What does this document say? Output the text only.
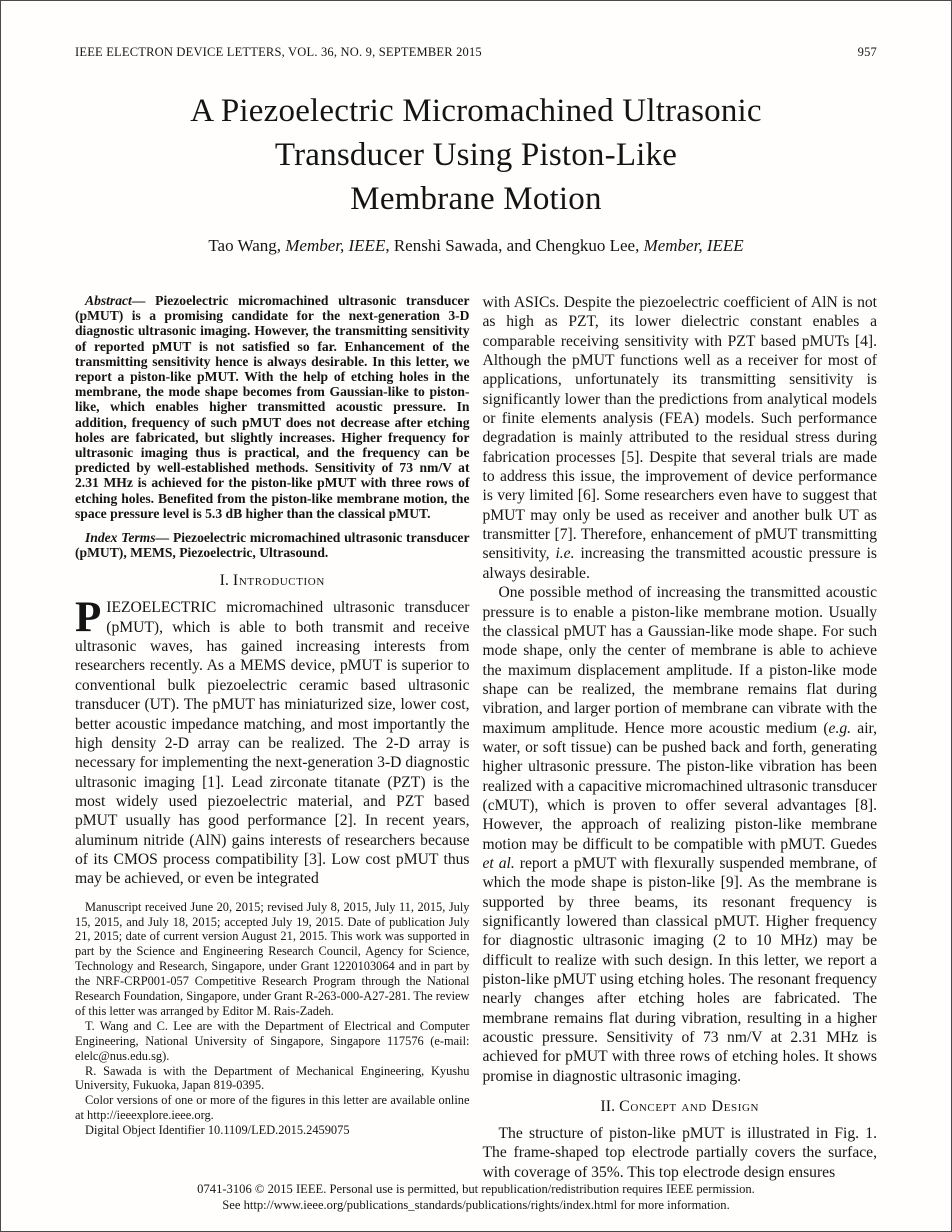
IEEE ELECTRON DEVICE LETTERS, VOL. 36, NO. 9, SEPTEMBER 2015	957
A Piezoelectric Micromachined Ultrasonic
Transducer Using Piston-Like
Membrane Motion
Tao Wang, Member, IEEE, Renshi Sawada, and Chengkuo Lee, Member, IEEE

Abstract— Piezoelectric micromachined ultrasonic transducer (pMUT) is a promising candidate for the next-generation 3-D diagnostic ultrasonic imaging. However, the transmitting sensitivity of reported pMUT is not satisfied so far. Enhancement of the transmitting sensitivity hence is always desirable. In this letter, we report a piston-like pMUT. With the help of etching holes in the membrane, the mode shape becomes from Gaussian-like to piston-like, which enables higher transmitted acoustic pressure. In addition, frequency of such pMUT does not decrease after etching holes are fabricated, but slightly increases. Higher frequency for ultrasonic imaging thus is practical, and the frequency can be predicted by well-established methods. Sensitivity of 73 nm/V at 2.31 MHz is achieved for the piston-like pMUT with three rows of etching holes. Benefited from the piston-like membrane motion, the space pressure level is 5.3 dB higher than the classical pMUT.

Index Terms— Piezoelectric micromachined ultrasonic transducer (pMUT), MEMS, Piezoelectric, Ultrasound.

I. Introduction

PIEZOELECTRIC micromachined ultrasonic transducer (pMUT), which is able to both transmit and receive ultrasonic waves, has gained increasing interests from researchers recently. As a MEMS device, pMUT is superior to conventional bulk piezoelectric ceramic based ultrasonic transducer (UT). The pMUT has miniaturized size, lower cost, better acoustic impedance matching, and most importantly the high density 2-D array can be realized. The 2-D array is necessary for implementing the next-generation 3-D diagnostic ultrasonic imaging [1]. Lead zirconate titanate (PZT) is the most widely used piezoelectric material, and PZT based pMUT usually has good performance [2]. In recent years, aluminum nitride (AlN) gains interests of researchers because of its CMOS process compatibility [3]. Low cost pMUT thus may be achieved, or even be integrated

Manuscript received June 20, 2015; revised July 8, 2015, July 11, 2015, July 15, 2015, and July 18, 2015; accepted July 19, 2015. Date of publication July 21, 2015; date of current version August 21, 2015. This work was supported in part by the Science and Engineering Research Council, Agency for Science, Technology and Research, Singapore, under Grant 1220103064 and in part by the NRF-CRP001-057 Competitive Research Program through the National Research Foundation, Singapore, under Grant R-263-000-A27-281. The review of this letter was arranged by Editor M. Rais-Zadeh.

T. Wang and C. Lee are with the Department of Electrical and Computer Engineering, National University of Singapore, Singapore 117576 (e-mail: elelc@nus.edu.sg).

R. Sawada is with the Department of Mechanical Engineering, Kyushu University, Fukuoka, Japan 819-0395.

Color versions of one or more of the figures in this letter are available online at http://ieeexplore.ieee.org.

Digital Object Identifier 10.1109/LED.2015.2459075

with ASICs. Despite the piezoelectric coefficient of AlN is not as high as PZT, its lower dielectric constant enables a comparable receiving sensitivity with PZT based pMUTs [4]. Although the pMUT functions well as a receiver for most of applications, unfortunately its transmitting sensitivity is significantly lower than the predictions from analytical models or finite elements analysis (FEA) models. Such performance degradation is mainly attributed to the residual stress during fabrication processes [5]. Despite that several trials are made to address this issue, the improvement of device performance is very limited [6]. Some researchers even have to suggest that pMUT may only be used as receiver and another bulk UT as transmitter [7]. Therefore, enhancement of pMUT transmitting sensitivity, i.e. increasing the transmitted acoustic pressure is always desirable.

One possible method of increasing the transmitted acoustic pressure is to enable a piston-like membrane motion. Usually the classical pMUT has a Gaussian-like mode shape. For such mode shape, only the center of membrane is able to achieve the maximum displacement amplitude. If a piston-like mode shape can be realized, the membrane remains flat during vibration, and larger portion of membrane can vibrate with the maximum amplitude. Hence more acoustic medium (e.g. air, water, or soft tissue) can be pushed back and forth, generating higher ultrasonic pressure. The piston-like vibration has been realized with a capacitive micromachined ultrasonic transducer (cMUT), which is proven to offer several advantages [8]. However, the approach of realizing piston-like membrane motion may be difficult to be compatible with pMUT. Guedes et al. report a pMUT with flexurally suspended membrane, of which the mode shape is piston-like [9]. As the membrane is supported by three beams, its resonant frequency is significantly lowered than classical pMUT. Higher frequency for diagnostic ultrasonic imaging (2 to 10 MHz) may be difficult to realize with such design. In this letter, we report a piston-like pMUT using etching holes. The resonant frequency nearly changes after etching holes are fabricated. The membrane remains flat during vibration, resulting in a higher acoustic pressure. Sensitivity of 73 nm/V at 2.31 MHz is achieved for pMUT with three rows of etching holes. It shows promise in diagnostic ultrasonic imaging.

II. Concept and Design

The structure of piston-like pMUT is illustrated in Fig. 1. The frame-shaped top electrode partially covers the surface, with coverage of 35%. This top electrode design ensures

0741-3106 © 2015 IEEE. Personal use is permitted, but republication/redistribution requires IEEE permission.
See http://www.ieee.org/publications_standards/publications/rights/index.html for more information.
